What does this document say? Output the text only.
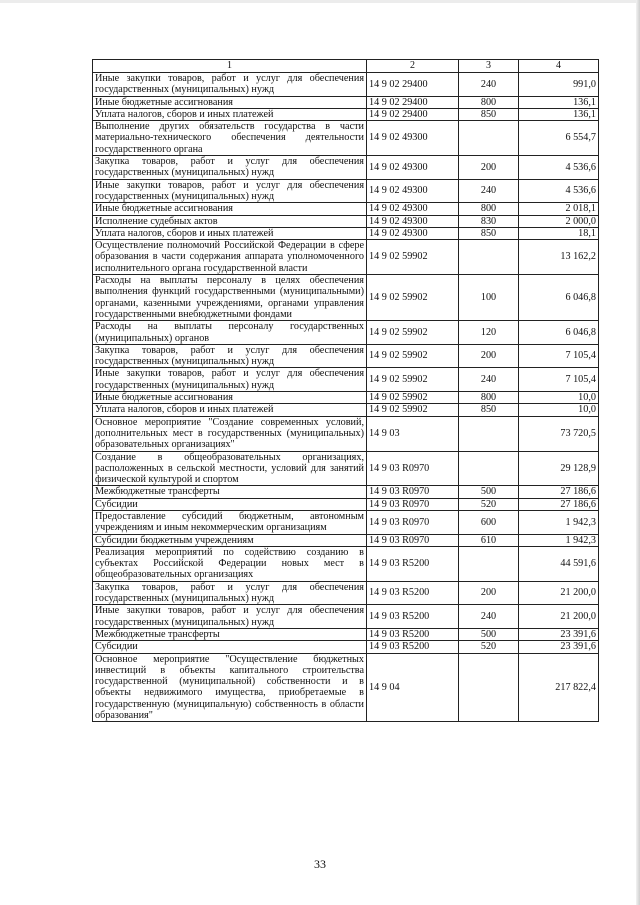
1	2	3	4
Иные закупки товаров, работ и услуг для обеспечения государственных (муниципальных) нужд	14 9 02 29400	240	991,0
Иные бюджетные ассигнования	14 9 02 29400	800	136,1
Уплата налогов, сборов и иных платежей	14 9 02 29400	850	136,1
Выполнение других обязательств государства в части материально-технического обеспечения деятельности государственного органа	14 9 02 49300		6 554,7
Закупка товаров, работ и услуг для обеспечения государственных (муниципальных) нужд	14 9 02 49300	200	4 536,6
Иные закупки товаров, работ и услуг для обеспечения государственных (муниципальных) нужд	14 9 02 49300	240	4 536,6
Иные бюджетные ассигнования	14 9 02 49300	800	2 018,1
Исполнение судебных актов	14 9 02 49300	830	2 000,0
Уплата налогов, сборов и иных платежей	14 9 02 49300	850	18,1
Осуществление полномочий Российской Федерации в сфере образования в части содержания аппарата уполномоченного исполнительного органа государственной власти	14 9 02 59902		13 162,2
Расходы на выплаты персоналу в целях обеспечения выполнения функций государственными (муниципальными) органами, казенными учреждениями, органами управления государственными внебюджетными фондами	14 9 02 59902	100	6 046,8
Расходы на выплаты персоналу государственных (муниципальных) органов	14 9 02 59902	120	6 046,8
Закупка товаров, работ и услуг для обеспечения государственных (муниципальных) нужд	14 9 02 59902	200	7 105,4
Иные закупки товаров, работ и услуг для обеспечения государственных (муниципальных) нужд	14 9 02 59902	240	7 105,4
Иные бюджетные ассигнования	14 9 02 59902	800	10,0
Уплата налогов, сборов и иных платежей	14 9 02 59902	850	10,0
Основное мероприятие "Создание современных условий, дополнительных мест в государственных (муниципальных) образовательных организациях"	14 9 03		73 720,5
Создание в общеобразовательных организациях, расположенных в сельской местности, условий для занятий физической культурой и спортом	14 9 03 R0970		29 128,9
Межбюджетные трансферты	14 9 03 R0970	500	27 186,6
Субсидии	14 9 03 R0970	520	27 186,6
Предоставление субсидий бюджетным, автономным учреждениям и иным некоммерческим организациям	14 9 03 R0970	600	1 942,3
Субсидии бюджетным учреждениям	14 9 03 R0970	610	1 942,3
Реализация мероприятий по содействию созданию в субъектах Российской Федерации новых мест в общеобразовательных организациях	14 9 03 R5200		44 591,6
Закупка товаров, работ и услуг для обеспечения государственных (муниципальных) нужд	14 9 03 R5200	200	21 200,0
Иные закупки товаров, работ и услуг для обеспечения государственных (муниципальных) нужд	14 9 03 R5200	240	21 200,0
Межбюджетные трансферты	14 9 03 R5200	500	23 391,6
Субсидии	14 9 03 R5200	520	23 391,6
Основное мероприятие "Осуществление бюджетных инвестиций в объекты капитального строительства государственной (муниципальной) собственности и в объекты недвижимого имущества, приобретаемые в государственную (муниципальную) собственность в области образования"	14 9 04		217 822,4
33
